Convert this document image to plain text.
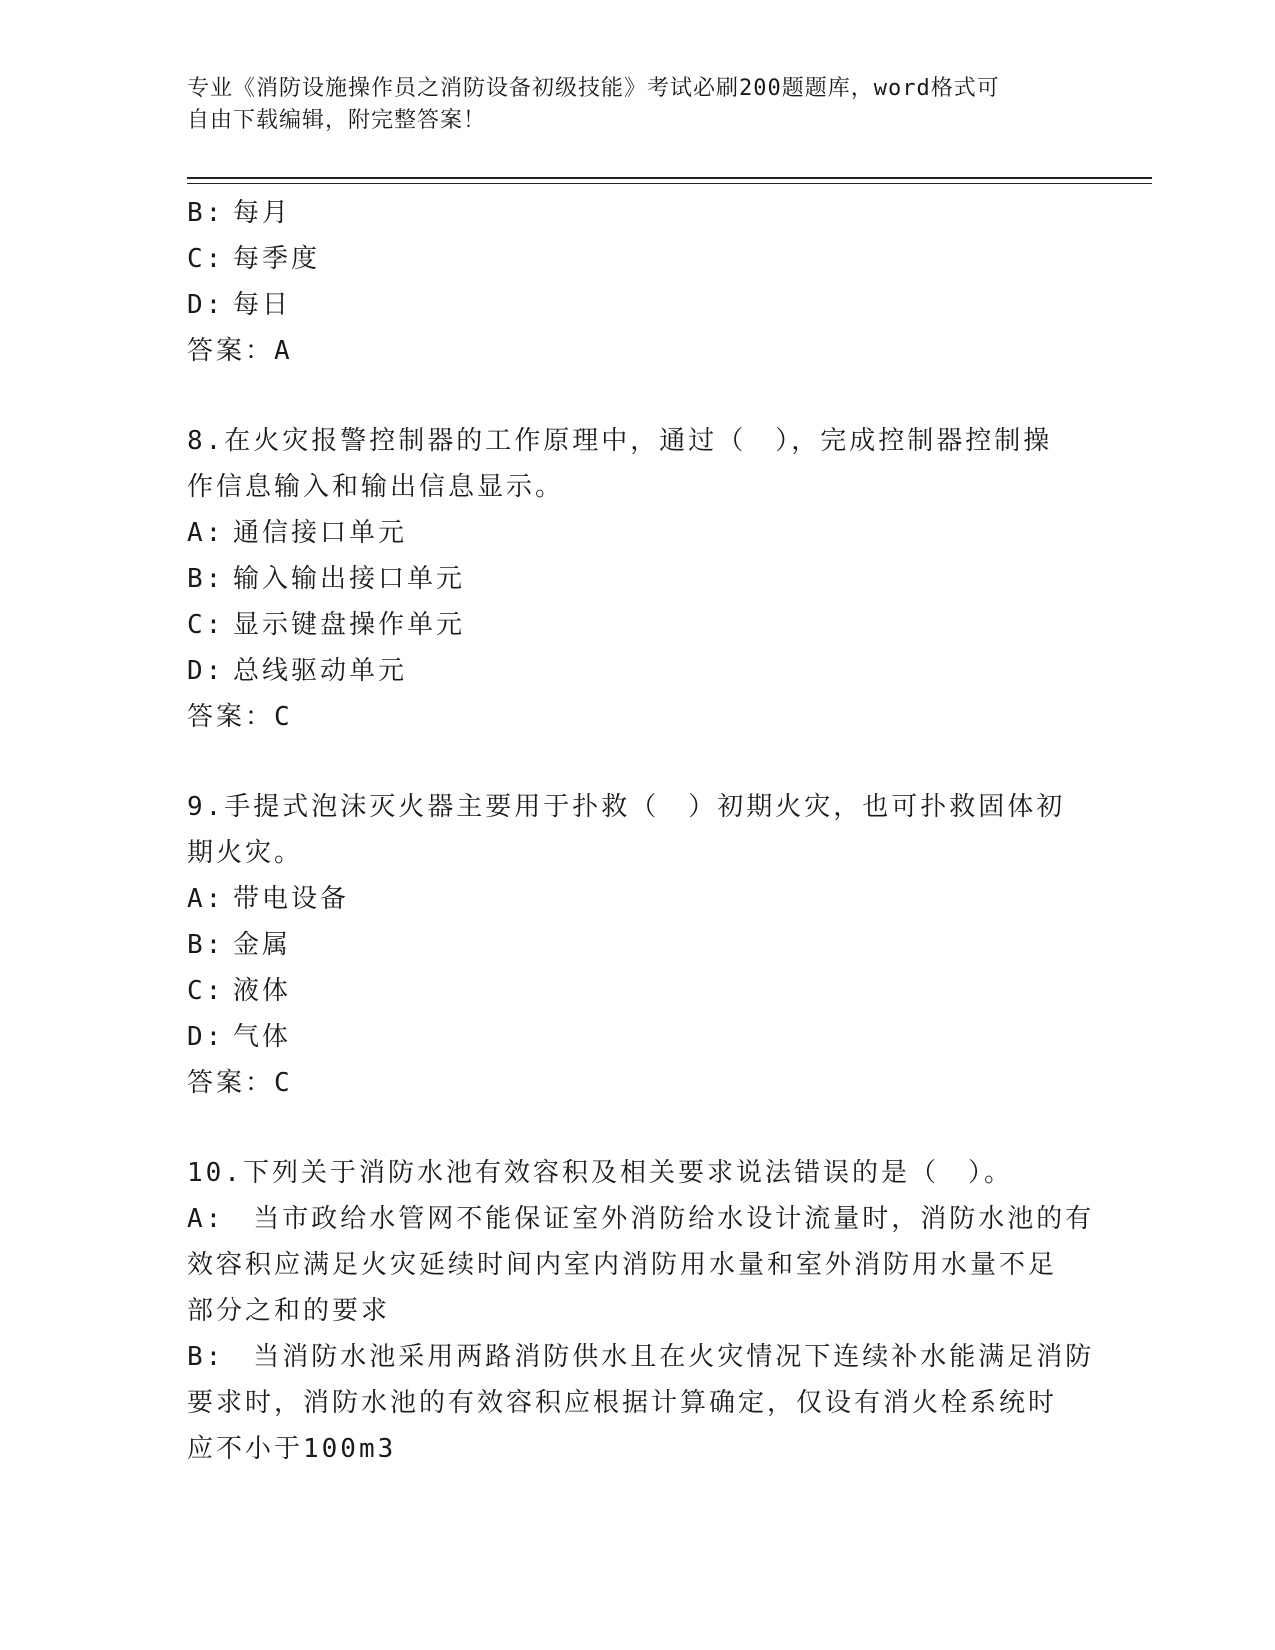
专业《消防设施操作员之消防设备初级技能》考试必刷200题题库，word格式可
自由下载编辑，附完整答案！
B: 每月
C: 每季度
D: 每日
答案：A
8.在火灾报警控制器的工作原理中，通过（　），完成控制器控制操
作信息输入和输出信息显示。
A: 通信接口单元
B: 输入输出接口单元
C: 显示键盘操作单元
D: 总线驱动单元
答案：C
9.手提式泡沫灭火器主要用于扑救（　）初期火灾，也可扑救固体初
期火灾。
A: 带电设备
B: 金属
C: 液体
D: 气体
答案：C
10.下列关于消防水池有效容积及相关要求说法错误的是（　）。
A:　当市政给水管网不能保证室外消防给水设计流量时，消防水池的有
效容积应满足火灾延续时间内室内消防用水量和室外消防用水量不足
部分之和的要求
B:　当消防水池采用两路消防供水且在火灾情况下连续补水能满足消防
要求时，消防水池的有效容积应根据计算确定，仅设有消火栓系统时
应不小于100m3
